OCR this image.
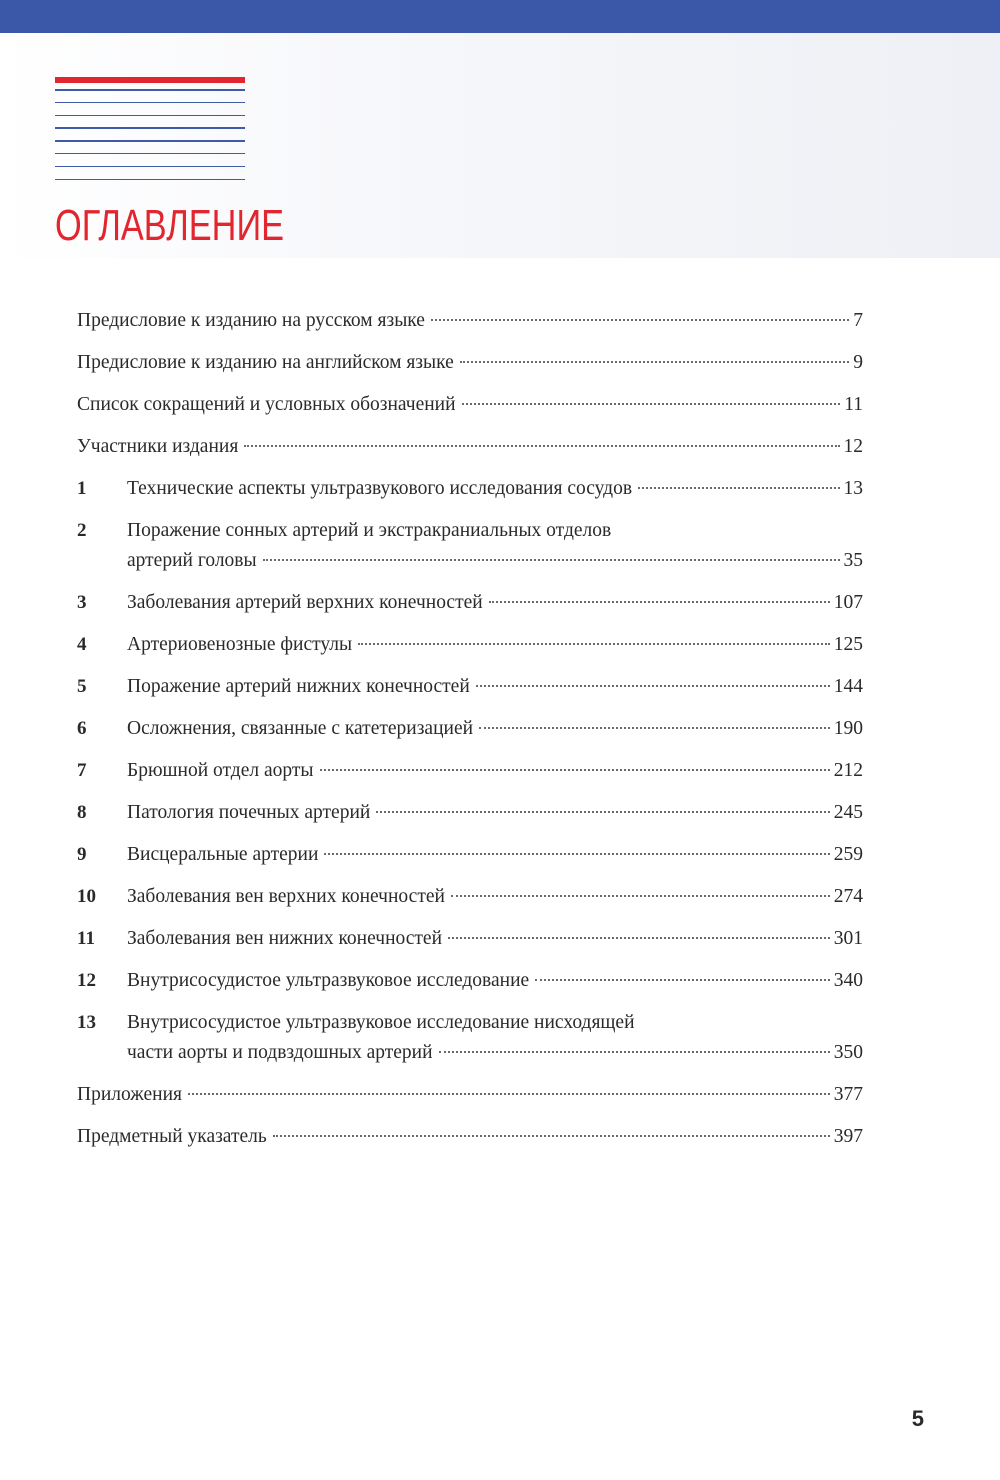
ОГЛАВЛЕНИЕ
Предисловие к изданию на русском языке	7
Предисловие к изданию на английском языке	9
Список сокращений и условных обозначений	11
Участники издания	12
1	Технические аспекты ультразвукового исследования сосудов	13
2	Поражение сонных артерий и экстракраниальных отделов
артерий головы	35
3	Заболевания артерий верхних конечностей	107
4	Артериовенозные фистулы	125
5	Поражение артерий нижних конечностей	144
6	Осложнения, связанные с катетеризацией	190
7	Брюшной отдел аорты	212
8	Патология почечных артерий	245
9	Висцеральные артерии	259
10	Заболевания вен верхних конечностей	274
11	Заболевания вен нижних конечностей	301
12	Внутрисосудистое ультразвуковое исследование	340
13	Внутрисосудистое ультразвуковое исследование нисходящей
части аорты и подвздошных артерий	350
Приложения	377
Предметный указатель	397
5
